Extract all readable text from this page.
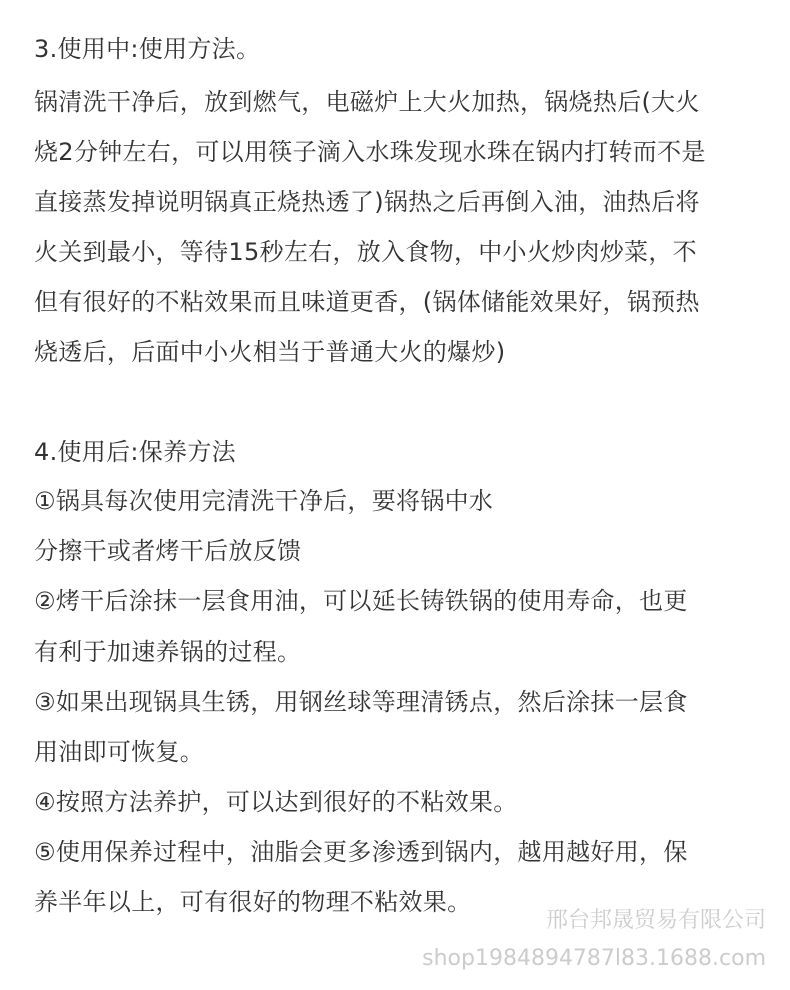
3.使用中:使用方法。
锅清洗干净后，放到燃气，电磁炉上大火加热，锅烧热后(大火
烧2分钟左右，可以用筷子滴入水珠发现水珠在锅内打转而不是
直接蒸发掉说明锅真正烧热透了)锅热之后再倒入油，油热后将
火关到最小，等待15秒左右，放入食物，中小火炒肉炒菜，不
但有很好的不粘效果而且味道更香，(锅体储能效果好，锅预热
烧透后，后面中小火相当于普通大火的爆炒)
4.使用后:保养方法
①锅具每次使用完清洗干净后，要将锅中水
分擦干或者烤干后放反馈
②烤干后涂抹一层食用油，可以延长铸铁锅的使用寿命，也更
有利于加速养锅的过程。
③如果出现锅具生锈，用钢丝球等理清锈点，然后涂抹一层食
用油即可恢复。
④按照方法养护，可以达到很好的不粘效果。
⑤使用保养过程中，油脂会更多渗透到锅内，越用越好用，保
养半年以上，可有很好的物理不粘效果。
邢台邦晟贸易有限公司
shop1984894787l83.1688.com
